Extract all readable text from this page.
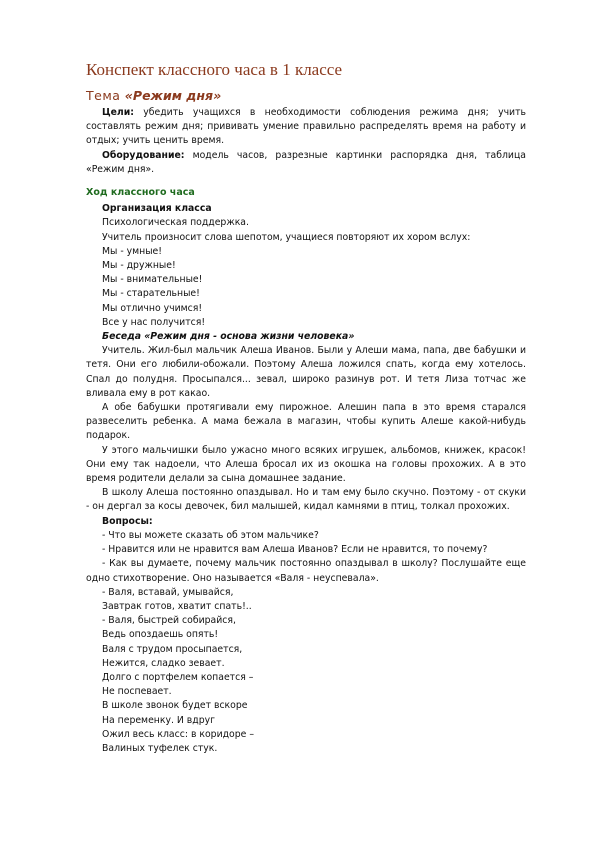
Конспект классного часа в 1 классе
Тема «Режим дня»

Цели: убедить учащихся в необходимости соблюдения режима дня; учить составлять режим дня; прививать умение правильно распределять время на работу и отдых; учить ценить время.

Оборудование: модель часов, разрезные картинки распорядка дня, таблица «Режим дня».

Ход классного часа
Организация класса
Психологическая поддержка.
Учитель произносит слова шепотом, учащиеся повторяют их хором вслух:
Мы - умные!
Мы - дружные!
Мы - внимательные!
Мы - старательные!
Мы отлично учимся!
Все у нас получится!
Беседа «Режим дня - основа жизни человека»

Учитель. Жил-был мальчик Алеша Иванов. Были у Алеши мама, папа, две бабушки и тетя. Они его любили-обожали. Поэтому Алеша ложился спать, когда ему хотелось. Спал до полудня. Просыпался... зевал, широко разинув рот. И тетя Лиза тотчас же вливала ему в рот какао.

А обе бабушки протягивали ему пирожное. Алешин папа в это время старался развеселить ребенка. А мама бежала в магазин, чтобы купить Алеше какой-нибудь подарок.

У этого мальчишки было ужасно много всяких игрушек, альбомов, книжек, красок! Они ему так надоели, что Алеша бросал их из окошка на головы прохожих. А в это время родители делали за сына домашнее задание.

В школу Алеша постоянно опаздывал. Но и там ему было скучно. Поэтому - от скуки - он дергал за косы девочек, бил малышей, кидал камнями в птиц, толкал прохожих.

Вопросы:

- Что вы можете сказать об этом мальчике?

- Нравится или не нравится вам Алеша Иванов? Если не нравится, то почему?

- Как вы думаете, почему мальчик постоянно опаздывал в школу? Послушайте еще одно стихотворение. Оно называется «Валя - неуспевала».

- Валя, вставай, умывайся,
Завтрак готов, хватит спать!..
- Валя, быстрей собирайся,
Ведь опоздаешь опять!
Валя с трудом просыпается,
Нежится, сладко зевает.
Долго с портфелем копается –
Не поспевает.
В школе звонок будет вскоре
На переменку. И вдруг
Ожил весь класс: в коридоре –
Валиных туфелек стук.
